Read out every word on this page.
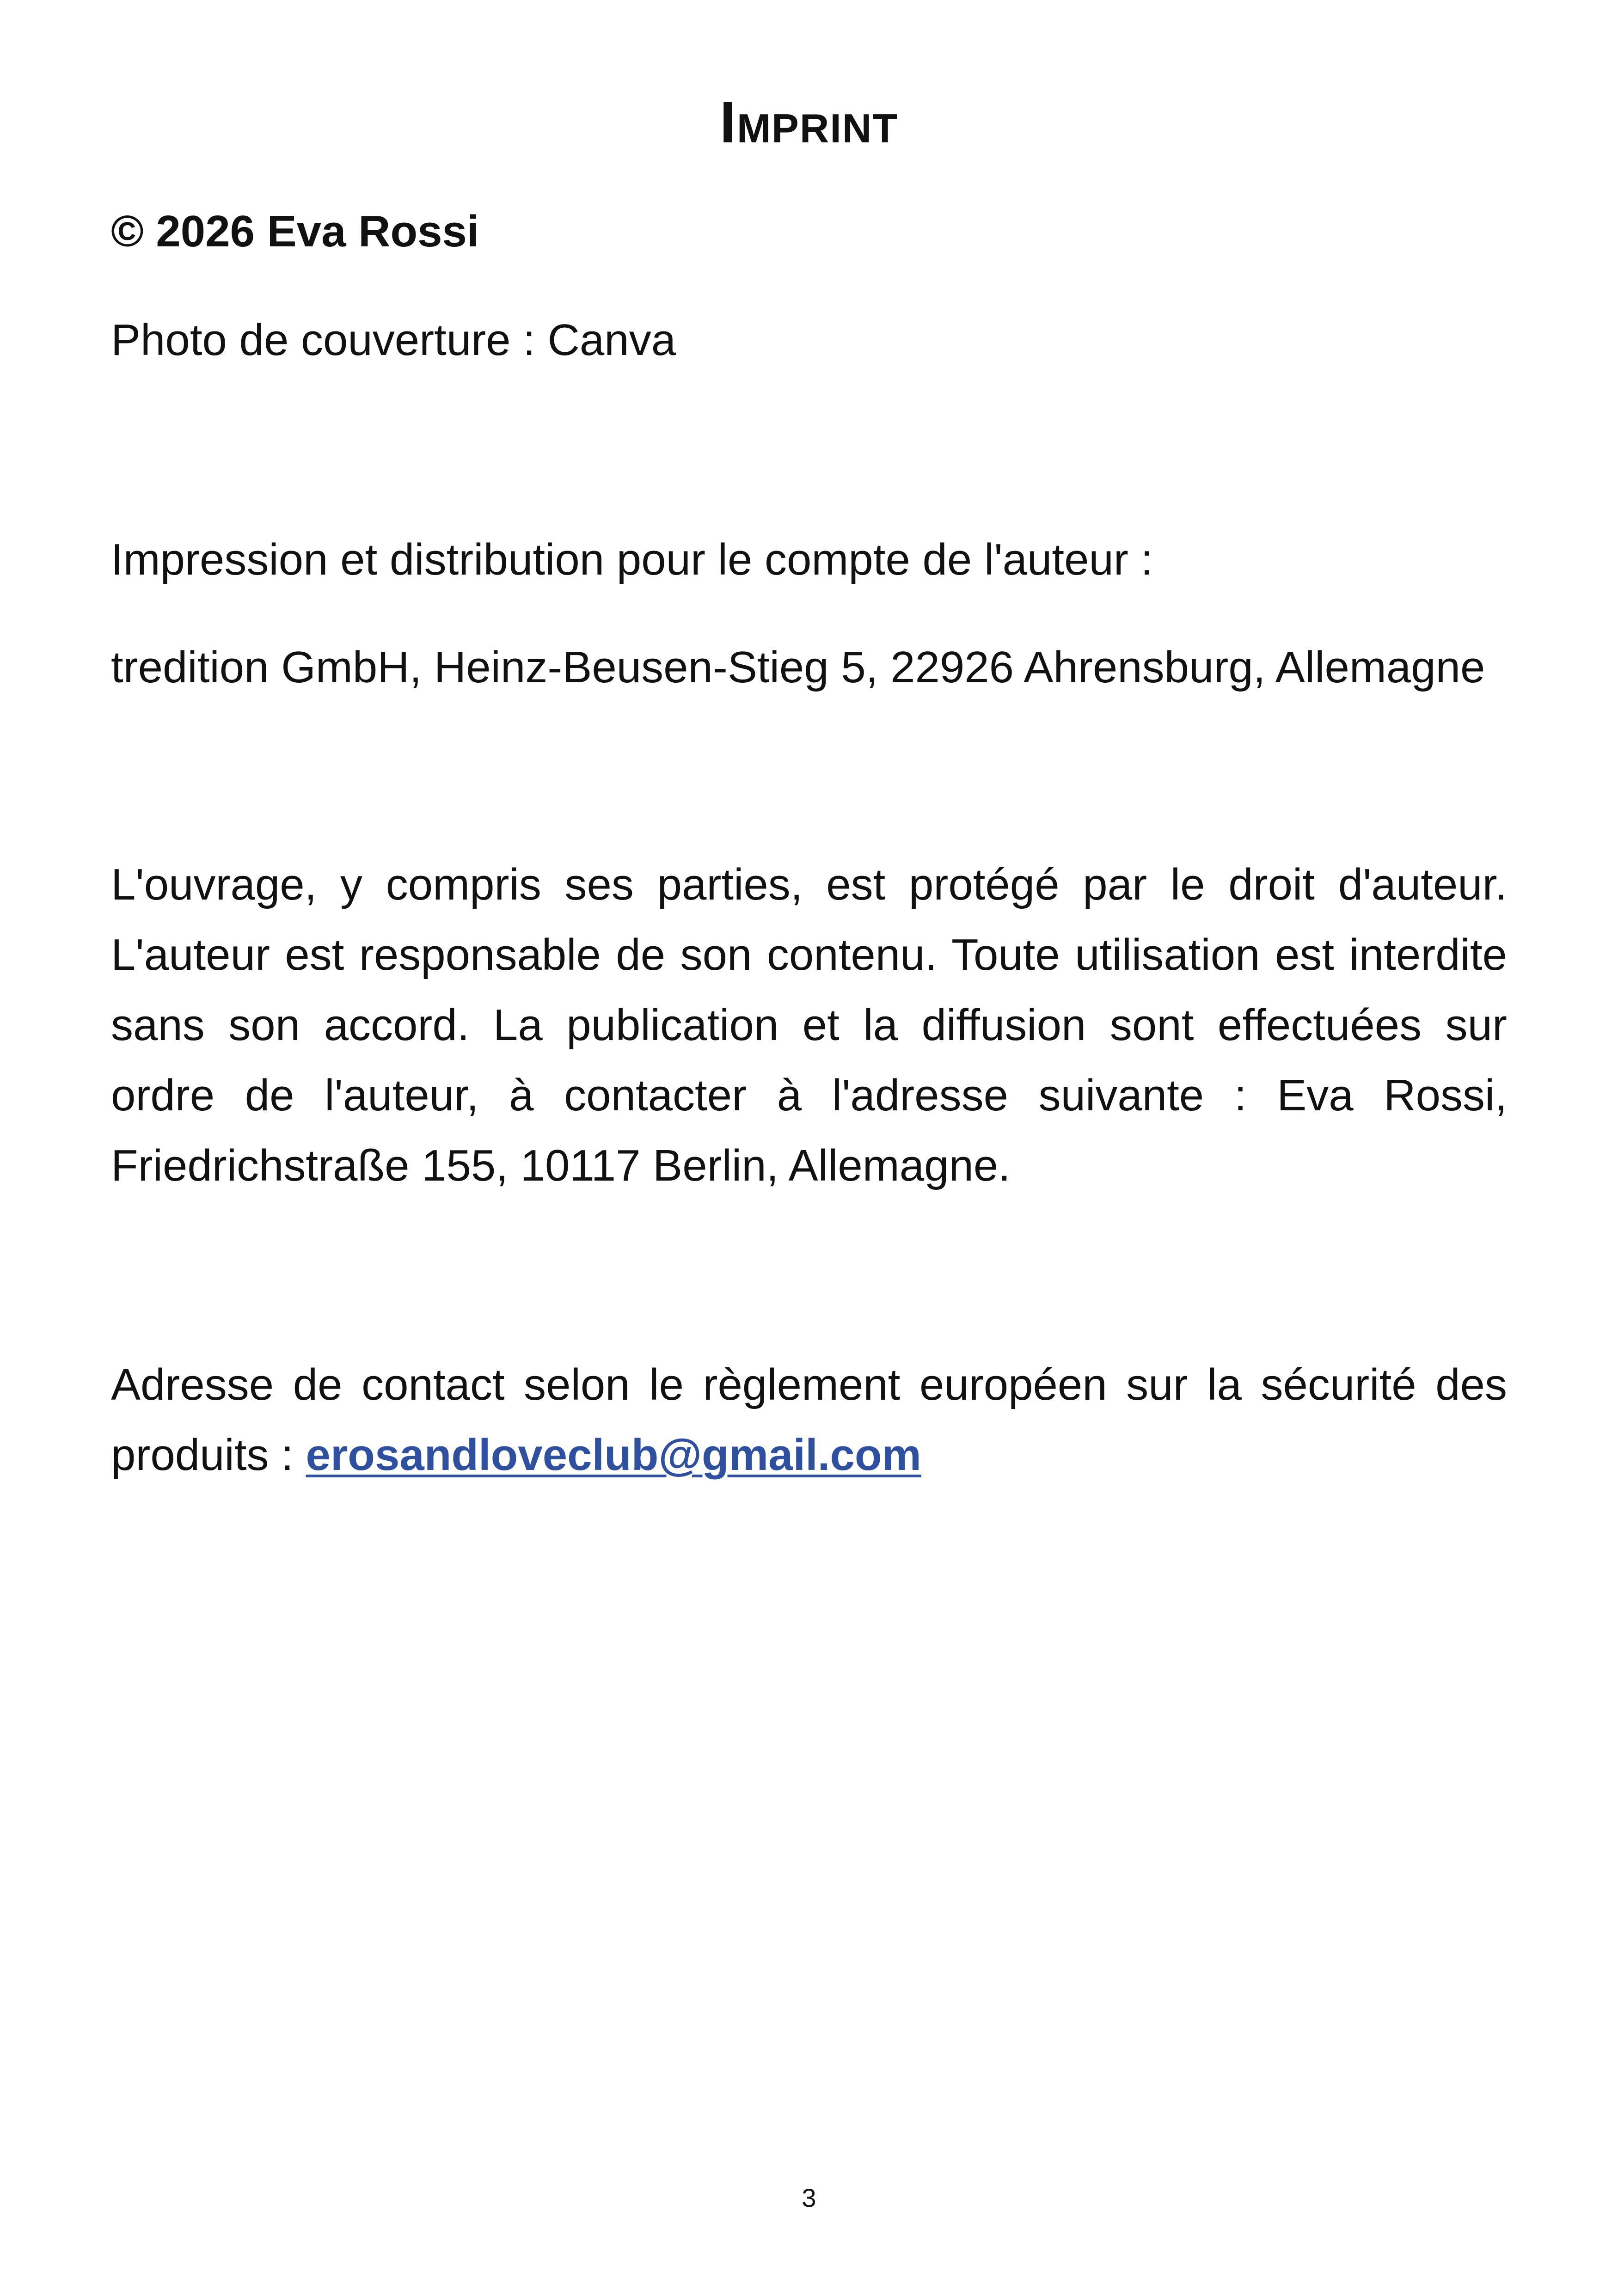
Imprint
© 2026 Eva Rossi
Photo de couverture : Canva
Impression et distribution pour le compte de l'auteur :
tredition GmbH, Heinz-Beusen-Stieg 5, 22926 Ahrensburg, Allemagne
L'ouvrage, y compris ses parties, est protégé par le droit d'auteur. L'auteur est responsable de son contenu. Toute utilisation est interdite sans son accord. La publication et la diffusion sont effectuées sur ordre de l'auteur, à contacter à l'adresse suivante : Eva Rossi, Friedrichstraße 155, 10117 Berlin, Allemagne.
Adresse de contact selon le règlement européen sur la sécurité des produits : erosandloveclub@gmail.com
3
